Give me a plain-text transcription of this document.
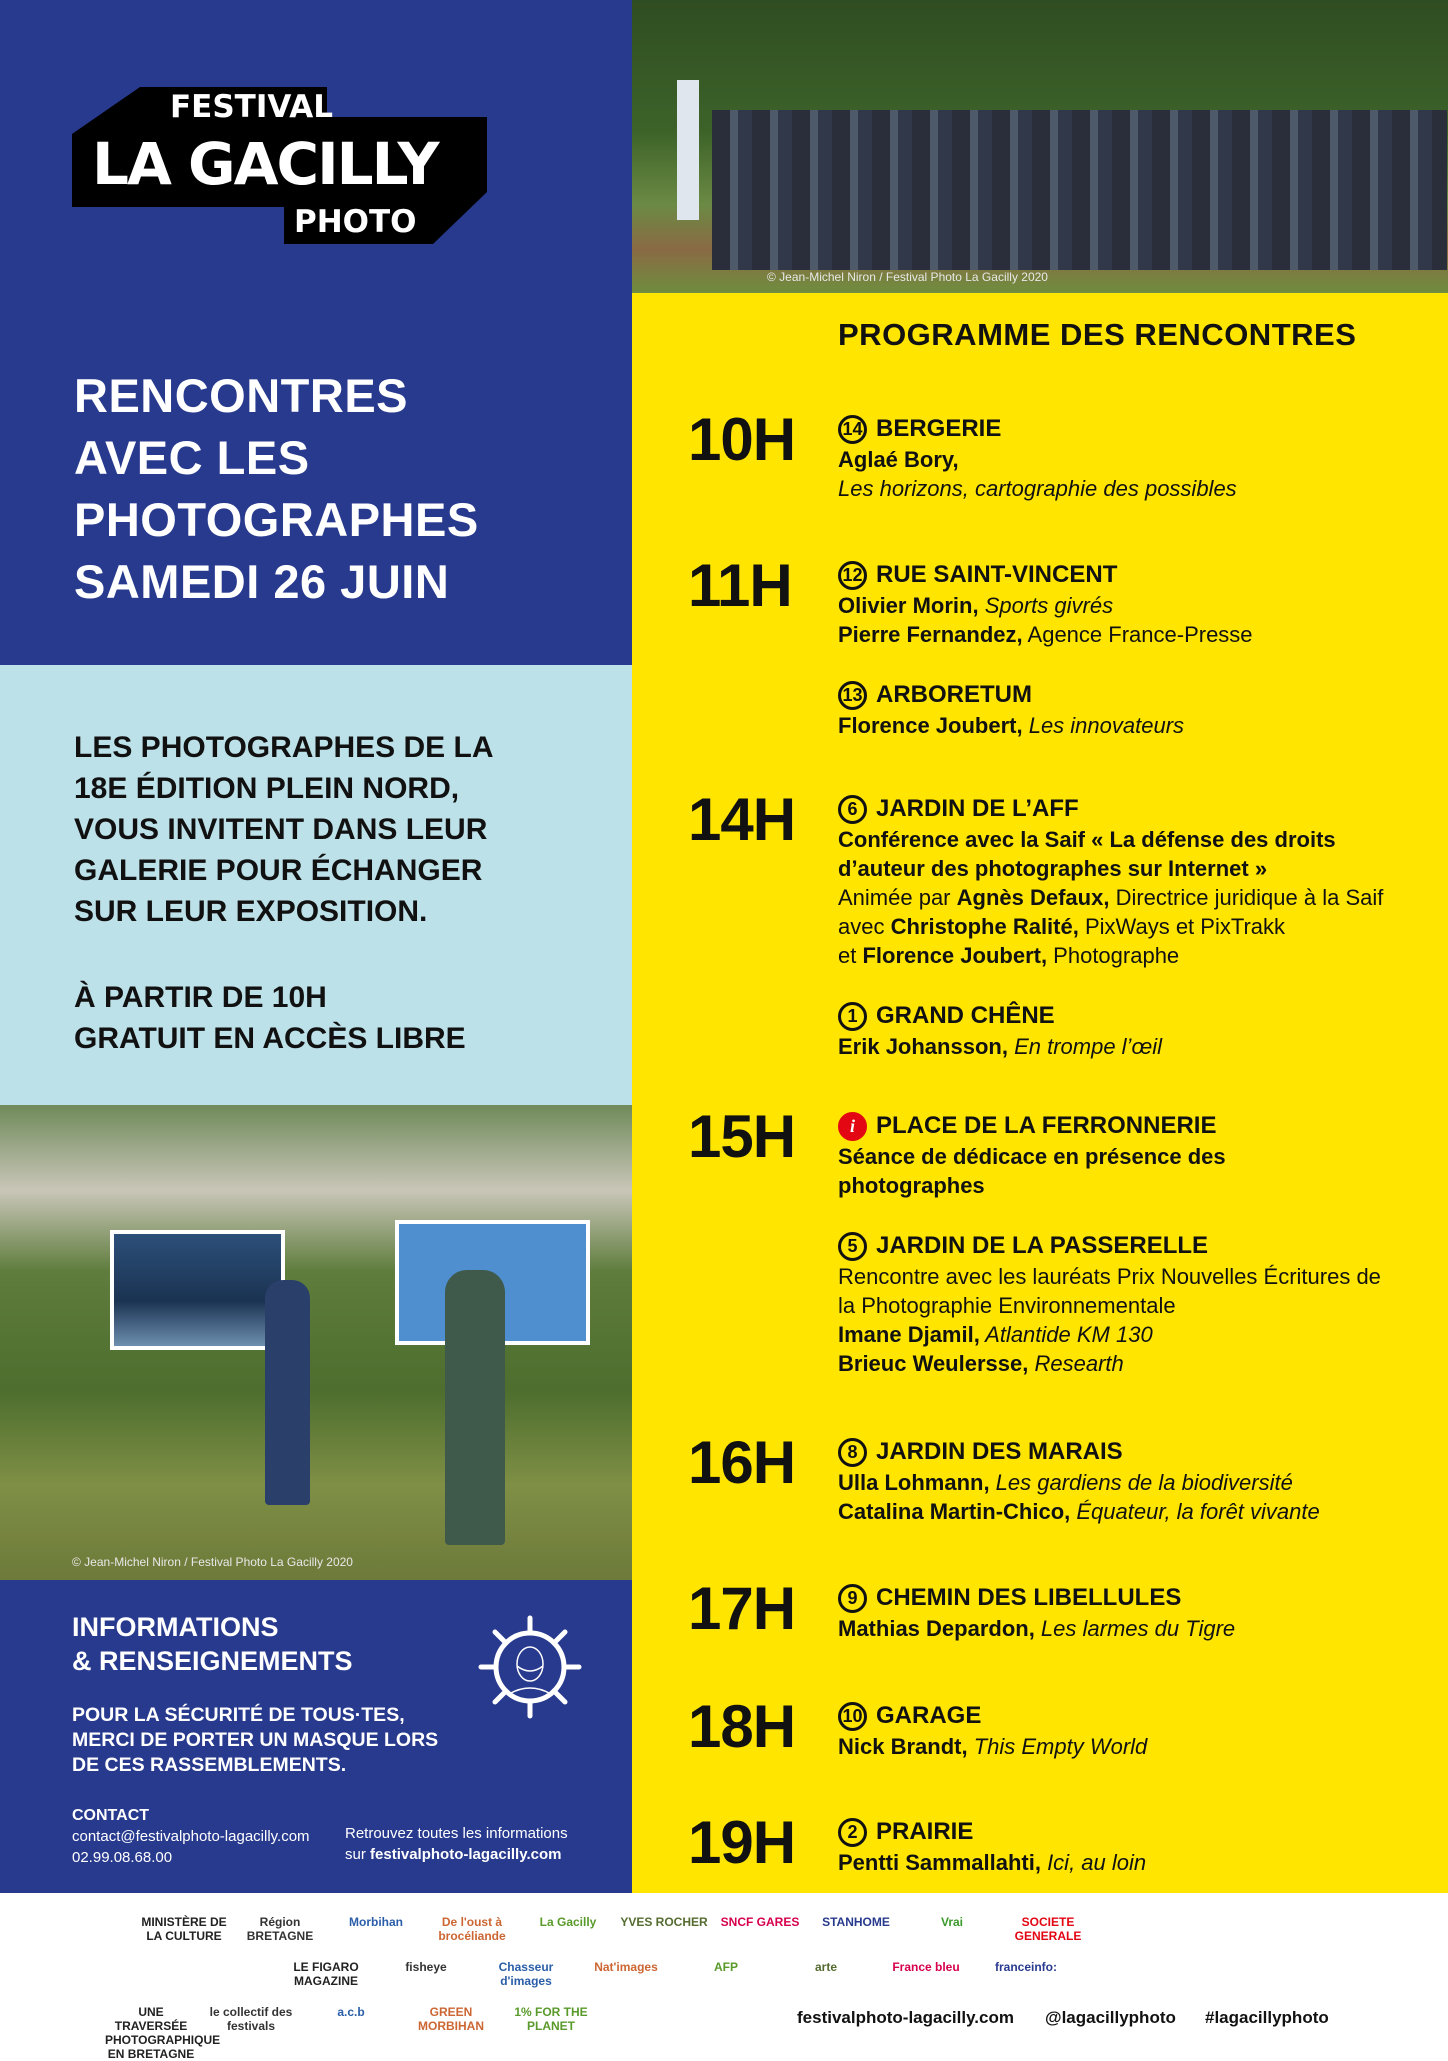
FESTIVAL
LA GACILLY
PHOTO
RENCONTRES
AVEC LES
PHOTOGRAPHES
SAMEDI 26 JUIN
LES PHOTOGRAPHES DE LA
18E ÉDITION PLEIN NORD,
VOUS INVITENT DANS LEUR
GALERIE POUR ÉCHANGER
SUR LEUR EXPOSITION.
À PARTIR DE 10H
GRATUIT EN ACCÈS LIBRE
© Jean-Michel Niron / Festival Photo La Gacilly 2020
INFORMATIONS
& RENSEIGNEMENTS
POUR LA SÉCURITÉ DE TOUS·TES,
MERCI DE PORTER UN MASQUE LORS
DE CES RASSEMBLEMENTS.
CONTACT
contact@festivalphoto-lagacilly.com
02.99.08.68.00
Retrouvez toutes les informations
sur festivalphoto-lagacilly.com
© Jean-Michel Niron / Festival Photo La Gacilly 2020
PROGRAMME DES RENCONTRES
10H	14 BERGERIE
Aglaé Bory,
Les horizons, cartographie des possibles
11H	12 RUE SAINT-VINCENT
Olivier Morin, Sports givrés
Pierre Fernandez, Agence France-Presse
13 ARBORETUM
Florence Joubert, Les innovateurs
14H	6 JARDIN DE L’AFF
Conférence avec la Saif « La défense des droits
d’auteur des photographes sur Internet »
Animée par Agnès Defaux, Directrice juridique à la Saif
avec Christophe Ralité, PixWays et PixTrakk
et Florence Joubert, Photographe
1 GRAND CHÊNE
Erik Johansson, En trompe l’œil
15H	i PLACE DE LA FERRONNERIE
Séance de dédicace en présence des
photographes
5 JARDIN DE LA PASSERELLE
Rencontre avec les lauréats Prix Nouvelles Écritures de
la Photographie Environnementale
Imane Djamil, Atlantide KM 130
Brieuc Weulersse, Researth
16H	8 JARDIN DES MARAIS
Ulla Lohmann, Les gardiens de la biodiversité
Catalina Martin-Chico, Équateur, la forêt vivante
17H	9 CHEMIN DES LIBELLULES
Mathias Depardon, Les larmes du Tigre
18H	10 GARAGE
Nick Brandt, This Empty World
19H	2 PRAIRIE
Pentti Sammallahti, Ici, au loin
MINISTÈRE DE LA CULTURE
Région BRETAGNE
Morbihan	De l'oust à brocéliande
La Gacilly	YVES ROCHER	SNCF GARES	STANHOME	Vrai	SOCIETE GENERALE
LE FIGARO MAGAZINE
fisheye	Chasseur d'images
Nat'images	AFP	arte	France bleu	franceinfo:
UNE TRAVERSÉE PHOTOGRAPHIQUE EN BRETAGNE
le collectif des festivals
a.c.b	GREEN MORBIHAN
1% FOR THE PLANET	festivalphoto-lagacilly.com @lagacillyphoto #lagacillyphoto
